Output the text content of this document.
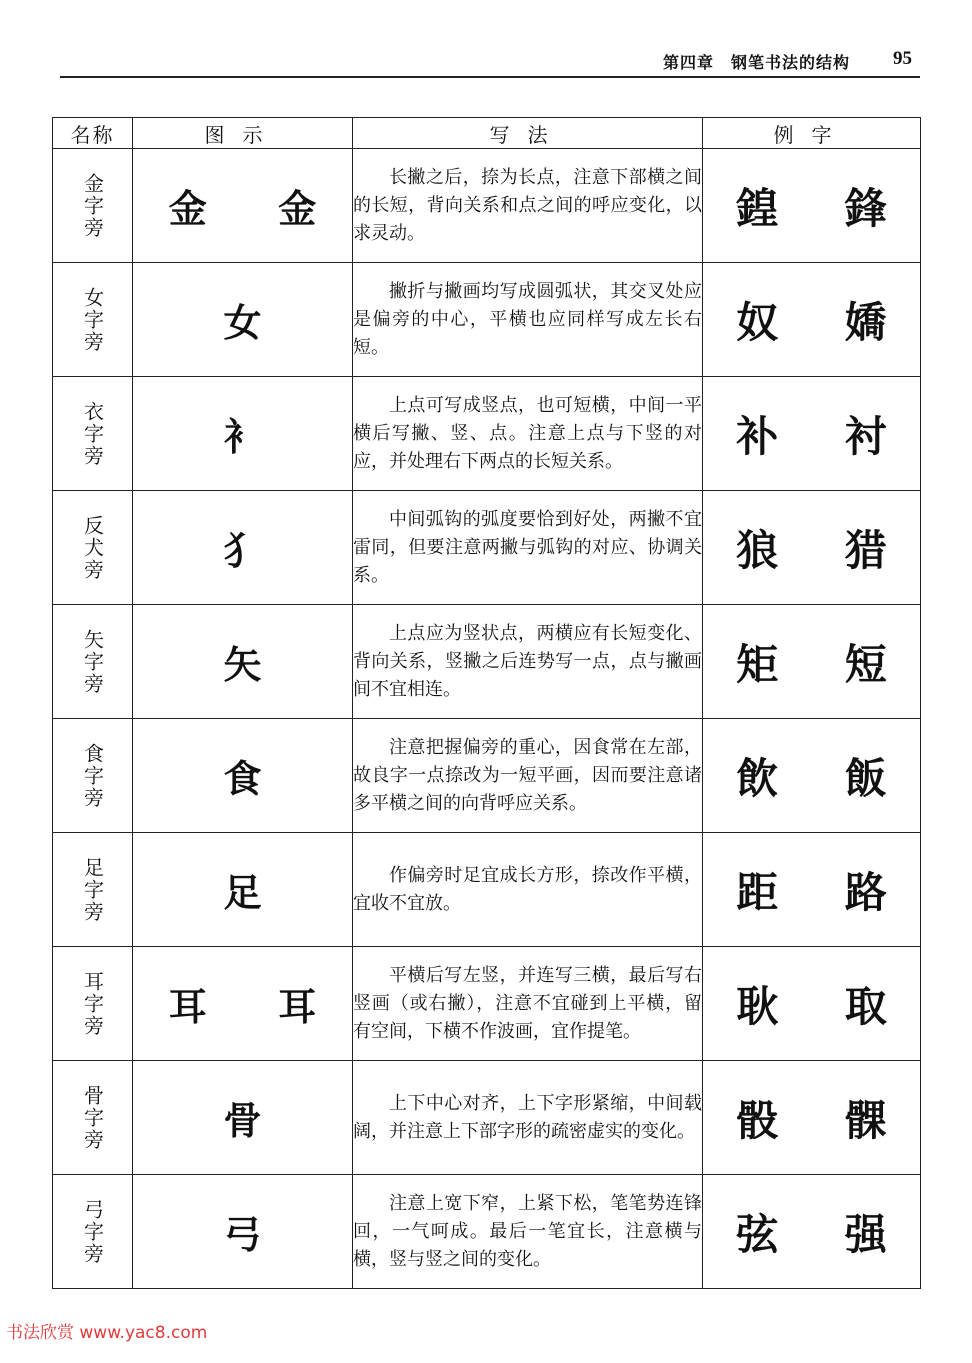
第四章　钢笔书法的结构 95
名称	图示	写法	例字
金字旁	金 金	长撇之后，捺为长点，注意下部横之间的长短，背向关系和点之间的呼应变化，以求灵动。	鍠 鋒

女字旁	女	撇折与撇画均写成圆弧状，其交叉处应是偏旁的中心，平横也应同样写成左长右短。	奴 嬌

衣字旁	衤	上点可写成竖点，也可短横，中间一平横后写撇、竖、点。注意上点与下竖的对应，并处理右下两点的长短关系。	补 衬

反犬旁	犭	中间弧钩的弧度要恰到好处，两撇不宜雷同，但要注意两撇与弧钩的对应、协调关系。	狼 猎

矢字旁	矢	上点应为竖状点，两横应有长短变化、背向关系，竖撇之后连势写一点，点与撇画间不宜相连。	矩 短

食字旁	食	注意把握偏旁的重心，因食常在左部，故良字一点捺改为一短平画，因而要注意诸多平横之间的向背呼应关系。	飲 飯

足字旁	足	作偏旁时足宜成长方形，捺改作平横，宜收不宜放。	距 路

耳字旁	耳 耳	平横后写左竖，并连写三横，最后写右竖画（或右撇），注意不宜碰到上平横，留有空间，下横不作波画，宜作提笔。	耿 取

骨字旁	骨	上下中心对齐，上下字形紧缩，中间载阔，并注意上下部字形的疏密虚实的变化。	骰 髁

弓字旁	弓	注意上宽下窄，上紧下松，笔笔势连锋回，一气呵成。最后一笔宜长，注意横与横，竖与竖之间的变化。	弦 强
书法欣赏 www.yac8.com
